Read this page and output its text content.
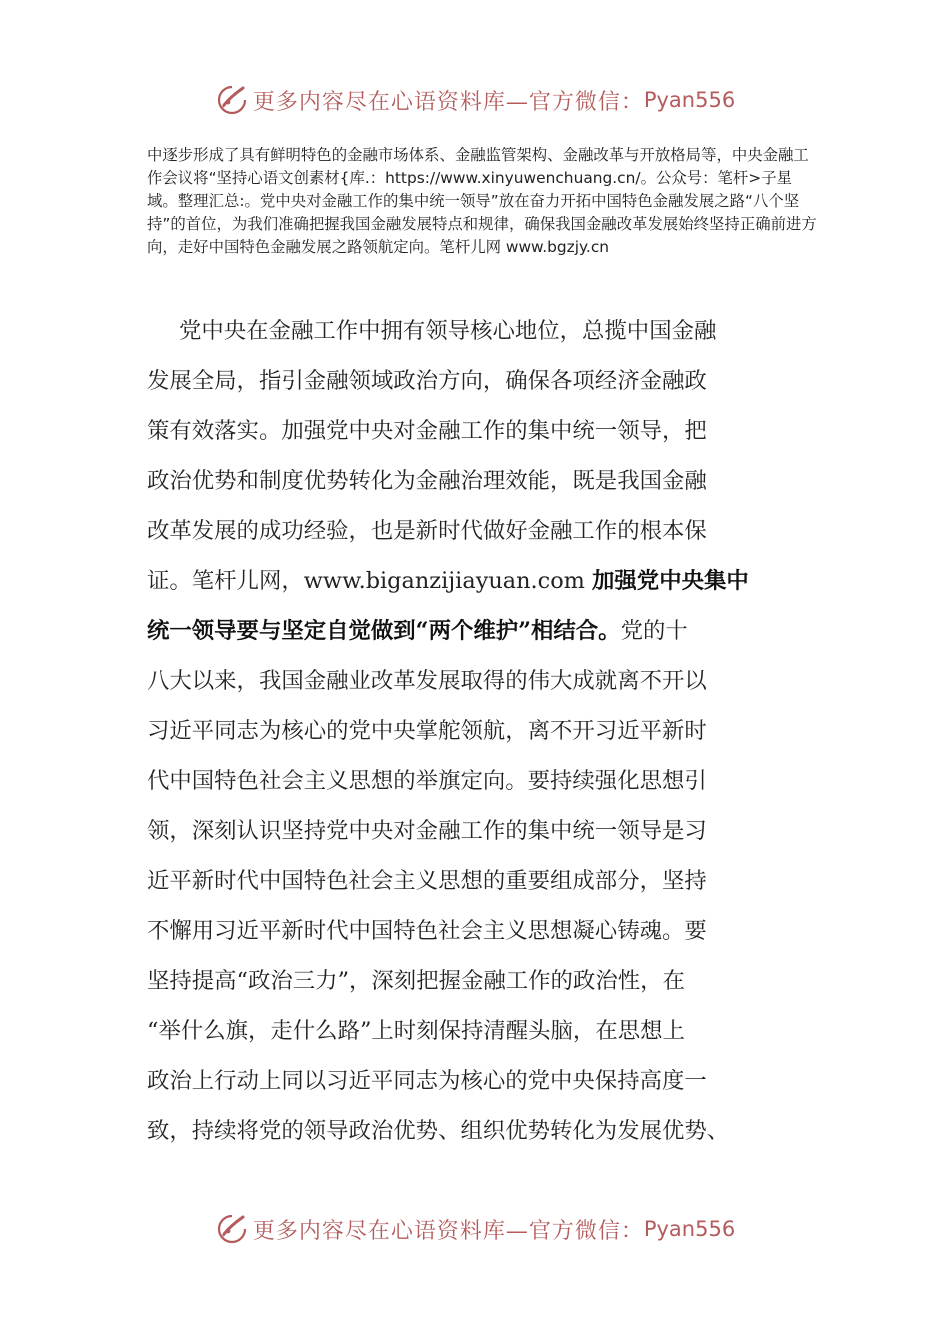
更多内容尽在心语资料库—官方微信： Pyan556

中逐步形成了具有鲜明特色的金融市场体系、金融监管架构、金融改革与开放格局等，中央金融工作会议将“坚持心语文创素材{库.：https://www.xinyuwenchuang.cn/。公众号：笔杆>子星域。整理汇总:。党中央对金融工作的集中统一领导”放在奋力开拓中国特色金融发展之路“八个坚持”的首位，为我们准确把握我国金融发展特点和规律，确保我国金融改革发展始终坚持正确前进方向，走好中国特色金融发展之路领航定向。笔杆儿网 www.bgzjy.cn

党中央在金融工作中拥有领导核心地位，总揽中国金融
发展全局，指引金融领域政治方向，确保各项经济金融政
策有效落实。加强党中央对金融工作的集中统一领导，把
政治优势和制度优势转化为金融治理效能，既是我国金融
改革发展的成功经验，也是新时代做好金融工作的根本保
证。笔杆儿网，www.biganzijiayuan.com 加强党中央集中
统一领导要与坚定自觉做到“两个维护”相结合。党的十
八大以来，我国金融业改革发展取得的伟大成就离不开以
习近平同志为核心的党中央掌舵领航，离不开习近平新时
代中国特色社会主义思想的举旗定向。要持续强化思想引
领，深刻认识坚持党中央对金融工作的集中统一领导是习
近平新时代中国特色社会主义思想的重要组成部分，坚持
不懈用习近平新时代中国特色社会主义思想凝心铸魂。要
坚持提高“政治三力”，深刻把握金融工作的政治性，在
“举什么旗，走什么路”上时刻保持清醒头脑，在思想上
政治上行动上同以习近平同志为核心的党中央保持高度一
致，持续将党的领导政治优势、组织优势转化为发展优势、
更多内容尽在心语资料库—官方微信： Pyan556
